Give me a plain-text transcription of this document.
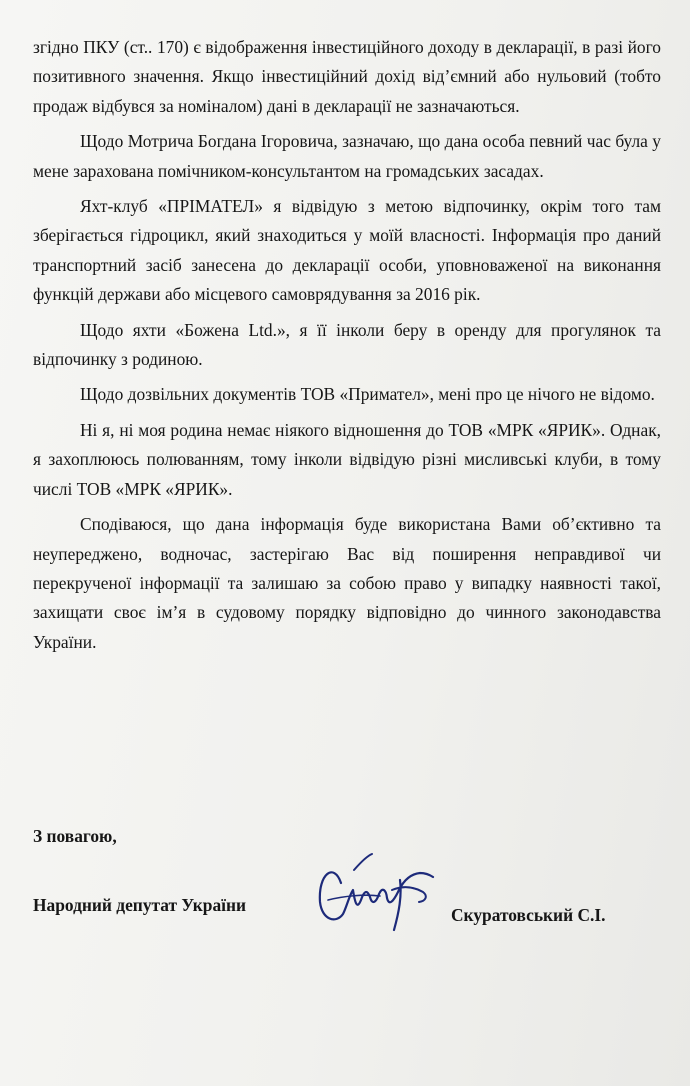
згідно ПКУ (ст.. 170) є відображення інвестиційного доходу в декларації, в разі його позитивного значення. Якщо інвестиційний дохід від’ємний або нульовий (тобто продаж відбувся за номіналом) дані в декларації не зазначаються.

Щодо Мотрича Богдана Ігоровича, зазначаю, що дана особа певний час була у мене зарахована помічником-консультантом на громадських засадах.

Яхт-клуб «ПРІМАТЕЛ» я відвідую з метою відпочинку, окрім того там зберігається гідроцикл, який знаходиться у моїй власності. Інформація про даний транспортний засіб занесена до декларації особи, уповноваженої на виконання функцій держави або місцевого самоврядування за 2016 рік.

Щодо яхти «Божена Ltd.», я її інколи беру в оренду для прогулянок та відпочинку з родиною.

Щодо дозвільних документів ТОВ «Примател», мені про це нічого не відомо.

Ні я, ні моя родина немає ніякого відношення до ТОВ «МРК «ЯРИК». Однак, я захоплююсь полюванням, тому інколи відвідую різні мисливські клуби, в тому числі ТОВ «МРК «ЯРИК».

Сподіваюся, що дана інформація буде використана Вами об’єктивно та неупереджено, водночас, застерігаю Вас від поширення неправдивої чи перекрученої інформації та залишаю за собою право у випадку наявності такої, захищати своє ім’я в судовому порядку відповідно до чинного законодавства України.

З повагою,
Народний депутат України	Скуратовський С.І.
